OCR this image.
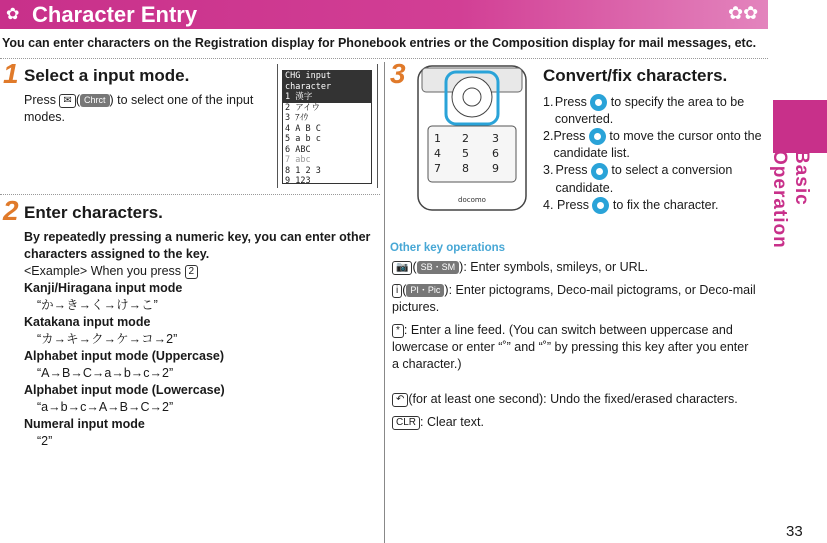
✿ Character Entry	✿✿
Basic Operation
You can enter characters on the Registration display for Phonebook entries or the Composition display for mail messages, etc.
1 Select a input mode.
Press ✉ ( Chrct ) to select one of the input modes.
CHG input character
1 漢字
2 アイウ
3 ｱｲｳ
4 A B C
5 a b c
6 ABC
7 abc
8 1 2 3
9 123
2 Enter characters.
By repeatedly pressing a numeric key, you can enter other characters assigned to the key.
<Example> When you press 2
Kanji/Hiragana input mode
“か→き→く→け→こ”
Katakana input mode
“カ→キ→ク→ケ→コ→2”
Alphabet input mode (Uppercase)
“A→B→C→a→b→c→2”
Alphabet input mode (Lowercase)
“a→b→c→A→B→C→2”
Numeral input mode
“2”
3
1 2 3
4 5 6
7 8 9
docomo
Convert/fix characters.
1. Press to specify the area to be converted.
2. Press to move the cursor onto the candidate list.
3. Press to select a conversion candidate.
4. Press to fix the character.
Other key operations
📷 ( SB・SM ): Enter symbols, smileys, or URL.
i ( PI・Pic ): Enter pictograms, Deco-mail pictograms, or Deco-mail pictures.
* : Enter a line feed. (You can switch between uppercase and lowercase or enter “˚” and “˚” by pressing this key after you enter a character.)
↶ (for at least one second): Undo the fixed/erased characters.
CLR : Clear text.
33
